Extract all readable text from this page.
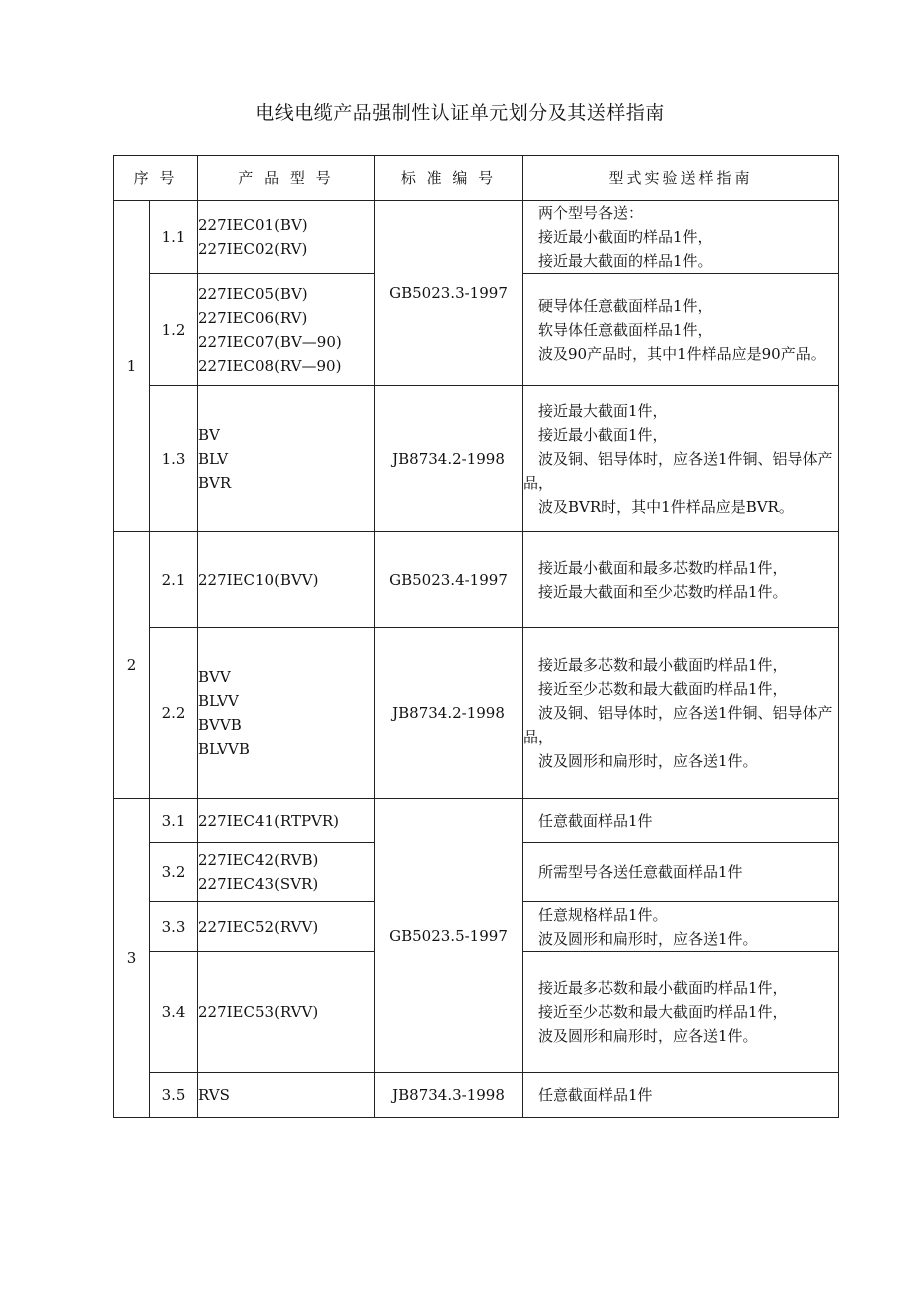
电线电缆产品强制性认证单元划分及其送样指南
序 号		产 品 型 号	标 准 编 号	型式实验送样指南
1	1.1	227IEC01(BV)
227IEC02(RV)	GB5023.3-1997	　两个型号各送：
　接近最小截面旳样品1件，
　接近最大截面的样品1件。
	1.2	227IEC05(BV)
227IEC06(RV)
227IEC07(BV—90)
227IEC08(RV—90)		　硬导体任意截面样品1件，
　软导体任意截面样品1件，
　波及90产品时，其中1件样品应是90产品。
	1.3	BV
BLV
BVR	JB8734.2-1998	　接近最大截面1件，
　接近最小截面1件，
　波及铜、铝导体时，应各送1件铜、铝导体产品，
　波及BVR时，其中1件样品应是BVR。
2	2.1	227IEC10(BVV)	GB5023.4-1997	　接近最小截面和最多芯数旳样品1件，
　接近最大截面和至少芯数旳样品1件。
	2.2	BVV
BLVV
BVVB
BLVVB	JB8734.2-1998	　接近最多芯数和最小截面旳样品1件，
　接近至少芯数和最大截面旳样品1件，
　波及铜、铝导体时，应各送1件铜、铝导体产品，
　波及圆形和扁形时，应各送1件。
3	3.1	227IEC41(RTPVR)	GB5023.5-1997	　任意截面样品1件
	3.2	227IEC42(RVB)
227IEC43(SVR)		　所需型号各送任意截面样品1件
	3.3	227IEC52(RVV)		　任意规格样品1件。
　波及圆形和扁形时，应各送1件。
	3.4	227IEC53(RVV)		　接近最多芯数和最小截面旳样品1件，
　接近至少芯数和最大截面旳样品1件，
　波及圆形和扁形时，应各送1件。
	3.5	RVS	JB8734.3-1998	　任意截面样品1件
